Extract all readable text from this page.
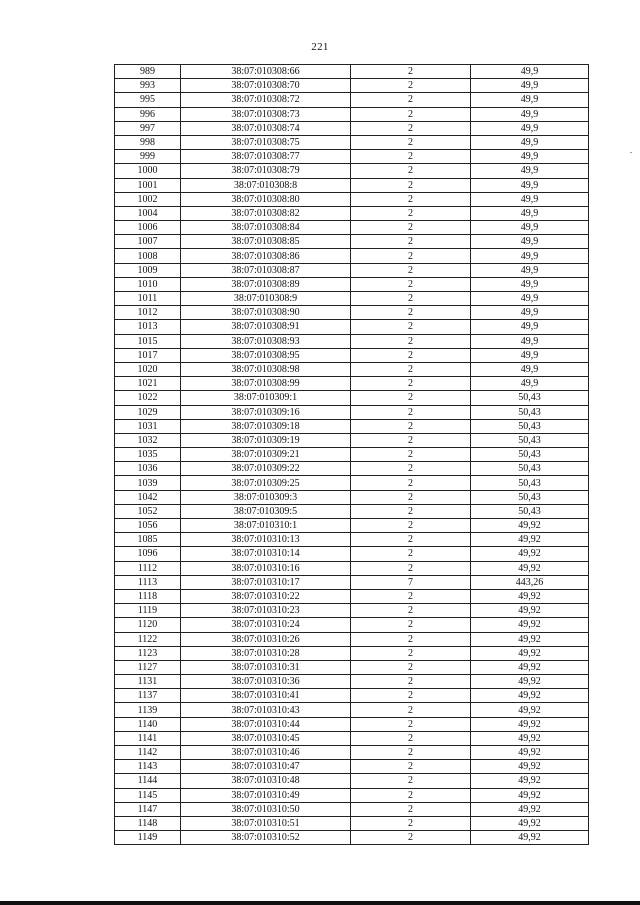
221
989	38:07:010308:66	2	49,9
993	38:07:010308:70	2	49,9
995	38:07:010308:72	2	49,9
996	38:07:010308:73	2	49,9
997	38:07:010308:74	2	49,9
998	38:07:010308:75	2	49,9
999	38:07:010308:77	2	49,9
1000	38:07:010308:79	2	49,9
1001	38:07:010308:8	2	49,9
1002	38:07:010308:80	2	49,9
1004	38:07:010308:82	2	49,9
1006	38:07:010308:84	2	49,9
1007	38:07:010308:85	2	49,9
1008	38:07:010308:86	2	49,9
1009	38:07:010308:87	2	49,9
1010	38:07:010308:89	2	49,9
1011	38:07:010308:9	2	49,9
1012	38:07:010308:90	2	49,9
1013	38:07:010308:91	2	49,9
1015	38:07:010308:93	2	49,9
1017	38:07:010308:95	2	49,9
1020	38:07:010308:98	2	49,9
1021	38:07:010308:99	2	49,9
1022	38:07:010309:1	2	50,43
1029	38:07:010309:16	2	50,43
1031	38:07:010309:18	2	50,43
1032	38:07:010309:19	2	50,43
1035	38:07:010309:21	2	50,43
1036	38:07:010309:22	2	50,43
1039	38:07:010309:25	2	50,43
1042	38:07:010309:3	2	50,43
1052	38:07:010309:5	2	50,43
1056	38:07:010310:1	2	49,92
1085	38:07:010310:13	2	49,92
1096	38:07:010310:14	2	49,92
1112	38:07:010310:16	2	49,92
1113	38:07:010310:17	7	443,26
1118	38:07:010310:22	2	49,92
1119	38:07:010310:23	2	49,92
1120	38:07:010310:24	2	49,92
1122	38:07:010310:26	2	49,92
1123	38:07:010310:28	2	49,92
1127	38:07:010310:31	2	49,92
1131	38:07:010310:36	2	49,92
1137	38:07:010310:41	2	49,92
1139	38:07:010310:43	2	49,92
1140	38:07:010310:44	2	49,92
1141	38:07:010310:45	2	49,92
1142	38:07:010310:46	2	49,92
1143	38:07:010310:47	2	49,92
1144	38:07:010310:48	2	49,92
1145	38:07:010310:49	2	49,92
1147	38:07:010310:50	2	49,92
1148	38:07:010310:51	2	49,92
1149	38:07:010310:52	2	49,92
